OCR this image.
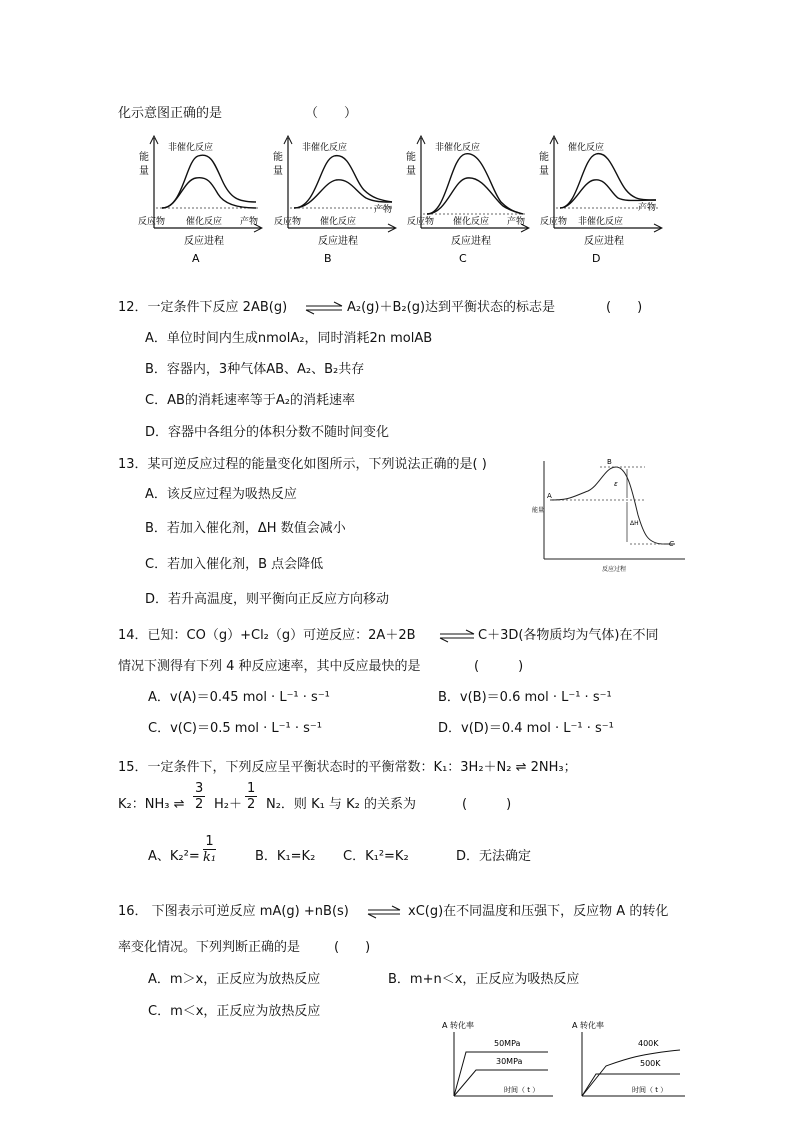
化示意图正确的是	（　　）
能
量
非催化反应
催化反应
反应物	产物
反应进程
A
能
量
非催化反应
催化反应
反应物
产物
反应进程
B
能
量
非催化反应
催化反应
反应物	产物
反应进程
C
能
量
催化反应
非催化反应
反应物
产物
反应进程
D
12．一定条件下反应 2AB(g) ⇌ A₂(g)＋B₂(g)达到平衡状态的标志是	(　　)
A．单位时间内生成nmolA₂，同时消耗2n molAB
B．容器内，3种气体AB、A₂、B₂共存
C．AB的消耗速率等于A₂的消耗速率
D．容器中各组分的体积分数不随时间变化
13．某可逆反应过程的能量变化如图所示，下列说法正确的是( )
A．该反应过程为吸热反应
B．若加入催化剂，ΔH 数值会减小
C．若加入催化剂，B 点会降低
D．若升高温度，则平衡向正反应方向移动
能量
反应过程
A
B
C
ε
ΔH
14．已知：CO（g）+Cl₂（g）可逆反应：2A＋2B ⇌ C＋3D(各物质均为气体)在不同
情况下测得有下列 4 种反应速率，其中反应最快的是	(　　　)
A．v(A)＝0.45 mol · L⁻¹ · s⁻¹	B．v(B)＝0.6 mol · L⁻¹ · s⁻¹
C．v(C)＝0.5 mol · L⁻¹ · s⁻¹	D．v(D)＝0.4 mol · L⁻¹ · s⁻¹
15．一定条件下，下列反应呈平衡状态时的平衡常数：K₁：3H₂＋N₂ ⇌ 2NH₃；
K₂：NH₃ ⇌ $\frac{3}{2} H_2+ \frac{1}{2} N_2$．则 K₁ 与 K₂ 的关系为	(　　　)
A、$K_2^2= \frac{1}{\text{k₁}}$	B．K₁=K₂ C．K₁²=K₂	D．无法确定
16． 下图表示可逆反应 mA(g) +nB(s) ⇌ xC(g)在不同温度和压强下，反应物 A 的转化
率变化情况。下列判断正确的是	(　　)
A．m＞x，正反应为放热反应	B．m+n＜x，正反应为吸热反应
C．m＜x，正反应为放热反应
A 转化率
50MPa
30MPa
时间（ t ）
A 转化率
400K
500K
时间（ t ）
